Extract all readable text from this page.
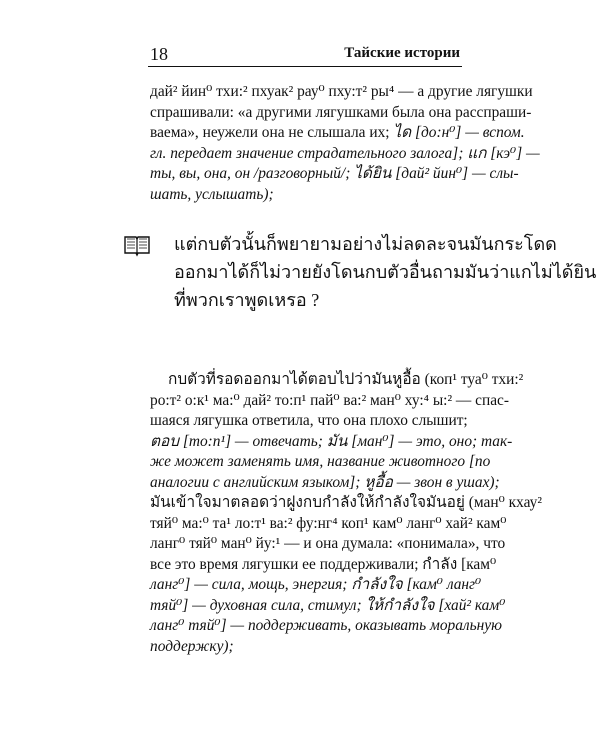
18	Тайские истории
дай² йин⁰ тхи:² пхуак² рау⁰ пху:т² ры⁴ — а другие лягушки
спрашивали: «а другими лягушками была она расспраши-
ваема», неужели она не слышала их; ได [до:н⁰] — вспом.
гл. передает значение страдательного залога]; แก [кэ⁰] —
ты, вы, она, он /разговорный/; ได้ยิน [дай² йин⁰] — слы-
шать, услышать);
แต่กบตัวนั้นก็พยายามอย่างไม่ลดละจนมันกระโดด
ออกมาได้ก็ไม่วายยังโดนกบตัวอื่นถามมันว่าแกไม่ได้ยิน
ที่พวกเราพูดเหรอ ?
กบตัวที่รอดออกมาได้ตอบไปว่ามันหูอื้อ (коп¹ туа⁰ тхи:²
ро:т² о:к¹ ма:⁰ дай² то:п¹ пай⁰ ва:² ман⁰ ху:⁴ ы:² — спас-
шаяся лягушка ответила, что она плохо слышит;
ตอบ [то:п¹] — отвечать; มัน [ман⁰] — это, оно; так-
же может заменять имя, название животного [по
аналогии с английским языком]; หูอื้อ — звон в ушах);
มันเข้าใจมาตลอดว่าฝูงกบกำลังให้กำลังใจมันอยู่ (ман⁰ кхау²
тяй⁰ ма:⁰ та¹ ло:т¹ ва:² фу:нг⁴ коп¹ кам⁰ ланг⁰ хай² кам⁰
ланг⁰ тяй⁰ ман⁰ йу:¹ — и она думала: «понимала», что
все это время лягушки ее поддерживали; กำลัง [кам⁰
ланг⁰] — сила, мощь, энергия; กำลังใจ [кам⁰ ланг⁰
тяй⁰] — духовная сила, стимул; ให้กำลังใจ [хай² кам⁰
ланг⁰ тяй⁰] — поддерживать, оказывать моральную
поддержку);
